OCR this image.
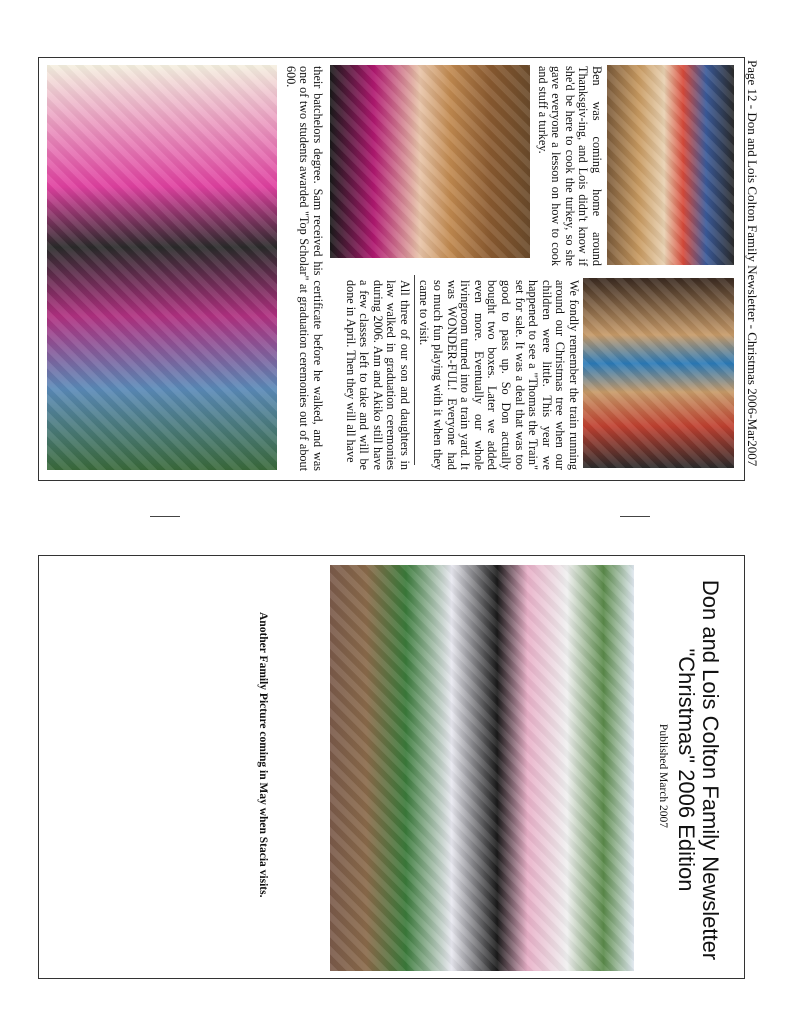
Page 12 - Don and Lois Colton Family Newsletter - Christmas 2006-Mar2007
Ben was coming home around Thanksgiv-ing, and Lois didn't know if she'd be here to cook the turkey, so she gave everyone a lesson on how to cook and stuff a turkey.
We fondly remember the train running around our Christmas tree when our children were little. This year we happened to see a "Thomas the Train" set for sale. It was a deal that was too good to pass up. So Don actually bought two boxes. Later we added even more. Eventually our whole livingroom turned into a train yard. It was WONDER-FUL! Everyone had so much fun playing with it when they came to visit.
All three of our son and daughters in law walked in graduation ceremonies during 2006. Ann and Akiko still have a few classes left to take and will be done in April. Then they will all have
their batchelors degree. Sam received his certificate before he walked, and was one of two students awarded "Top Scholar" at graduation ceremonies out of about 600.
Don and Lois Colton Family Newsletter
"Christmas" 2006 Edition
Published March 2007
Another Family Picture coming in May when Stacia visits.
